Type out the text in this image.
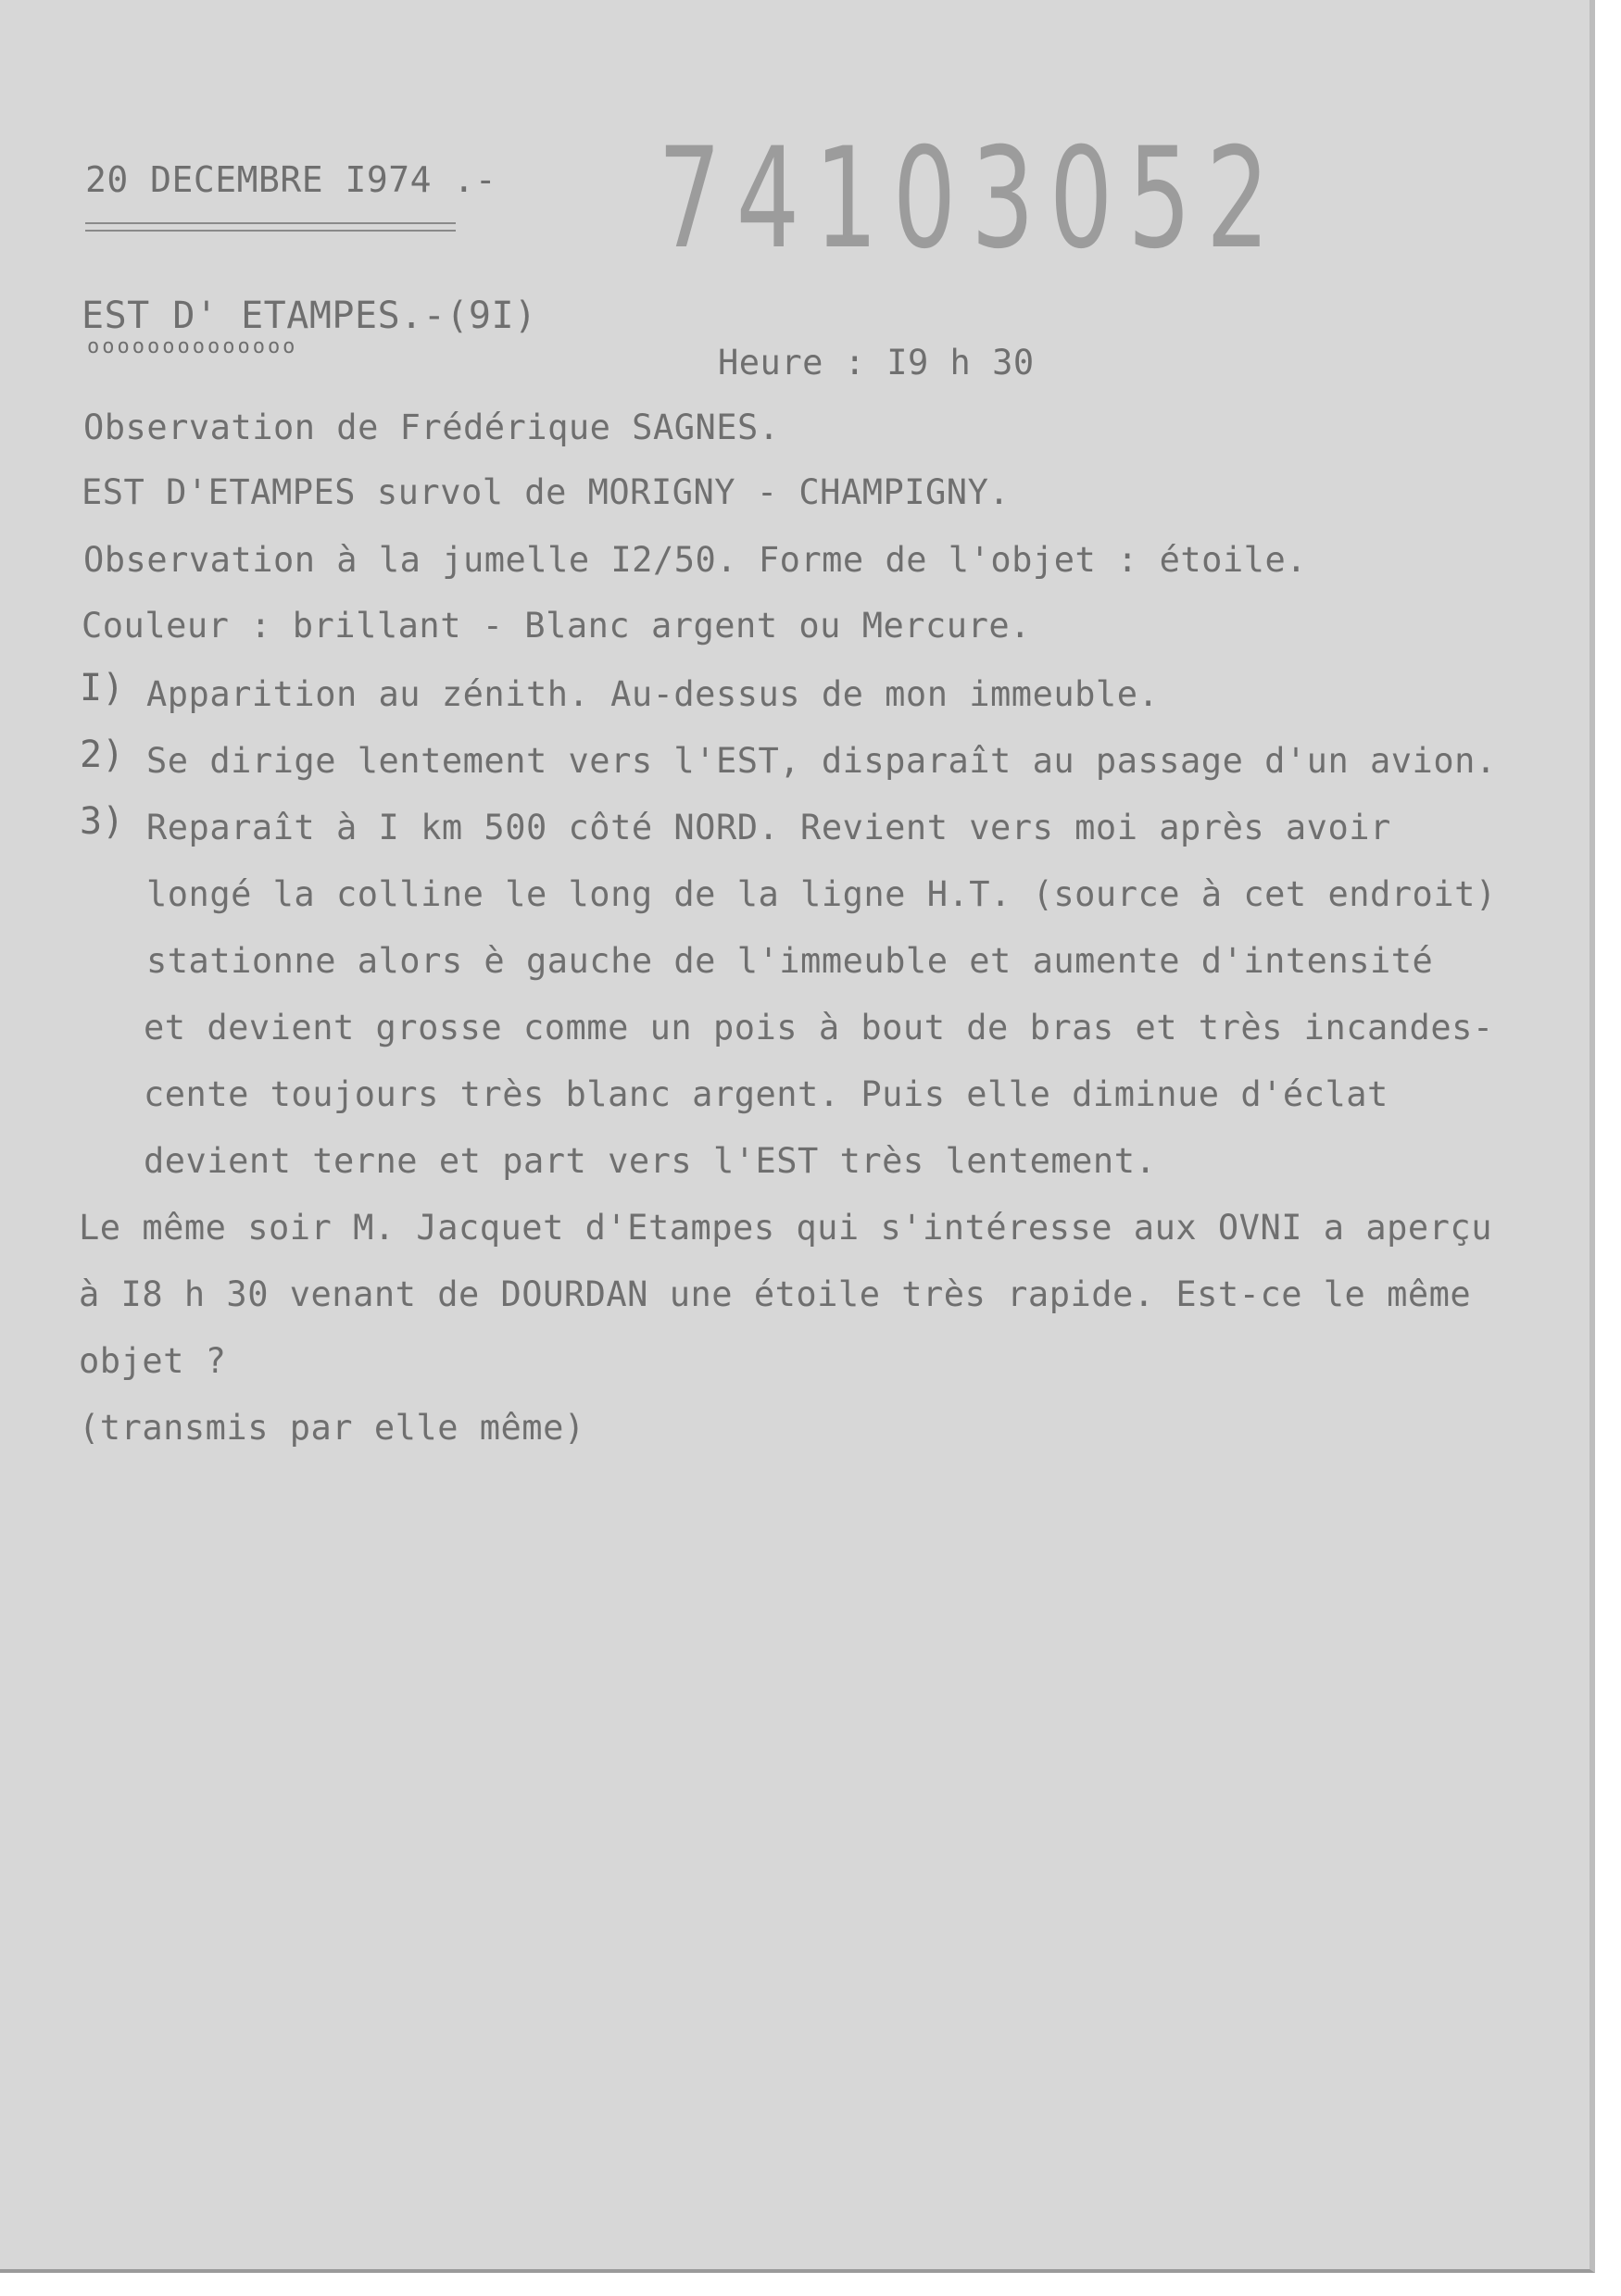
20 DECEMBRE I974 .- 74103052
EST D' ETAMPES.-(9I)
oooooooooooooo	Heure : I9 h 30
Observation de Frédérique SAGNES.
EST D'ETAMPES survol de MORIGNY - CHAMPIGNY.
Observation à la jumelle I2/50. Forme de l'objet : étoile.
Couleur : brillant - Blanc argent ou Mercure.
I) Apparition au zénith. Au-dessus de mon immeuble.
2) Se dirige lentement vers l'EST, disparaît au passage d'un avion.
3) Reparaît à I km 500 côté NORD. Revient vers moi après avoir
longé la colline le long de la ligne H.T. (source à cet endroit)
stationne alors è gauche de l'immeuble et aumente d'intensité
et devient grosse comme un pois à bout de bras et très incandes-
cente toujours très blanc argent. Puis elle diminue d'éclat
devient terne et part vers l'EST très lentement.
Le même soir M. Jacquet d'Etampes qui s'intéresse aux OVNI a aperçu
à I8 h 30 venant de DOURDAN une étoile très rapide. Est-ce le même
objet ?
(transmis par elle même)
